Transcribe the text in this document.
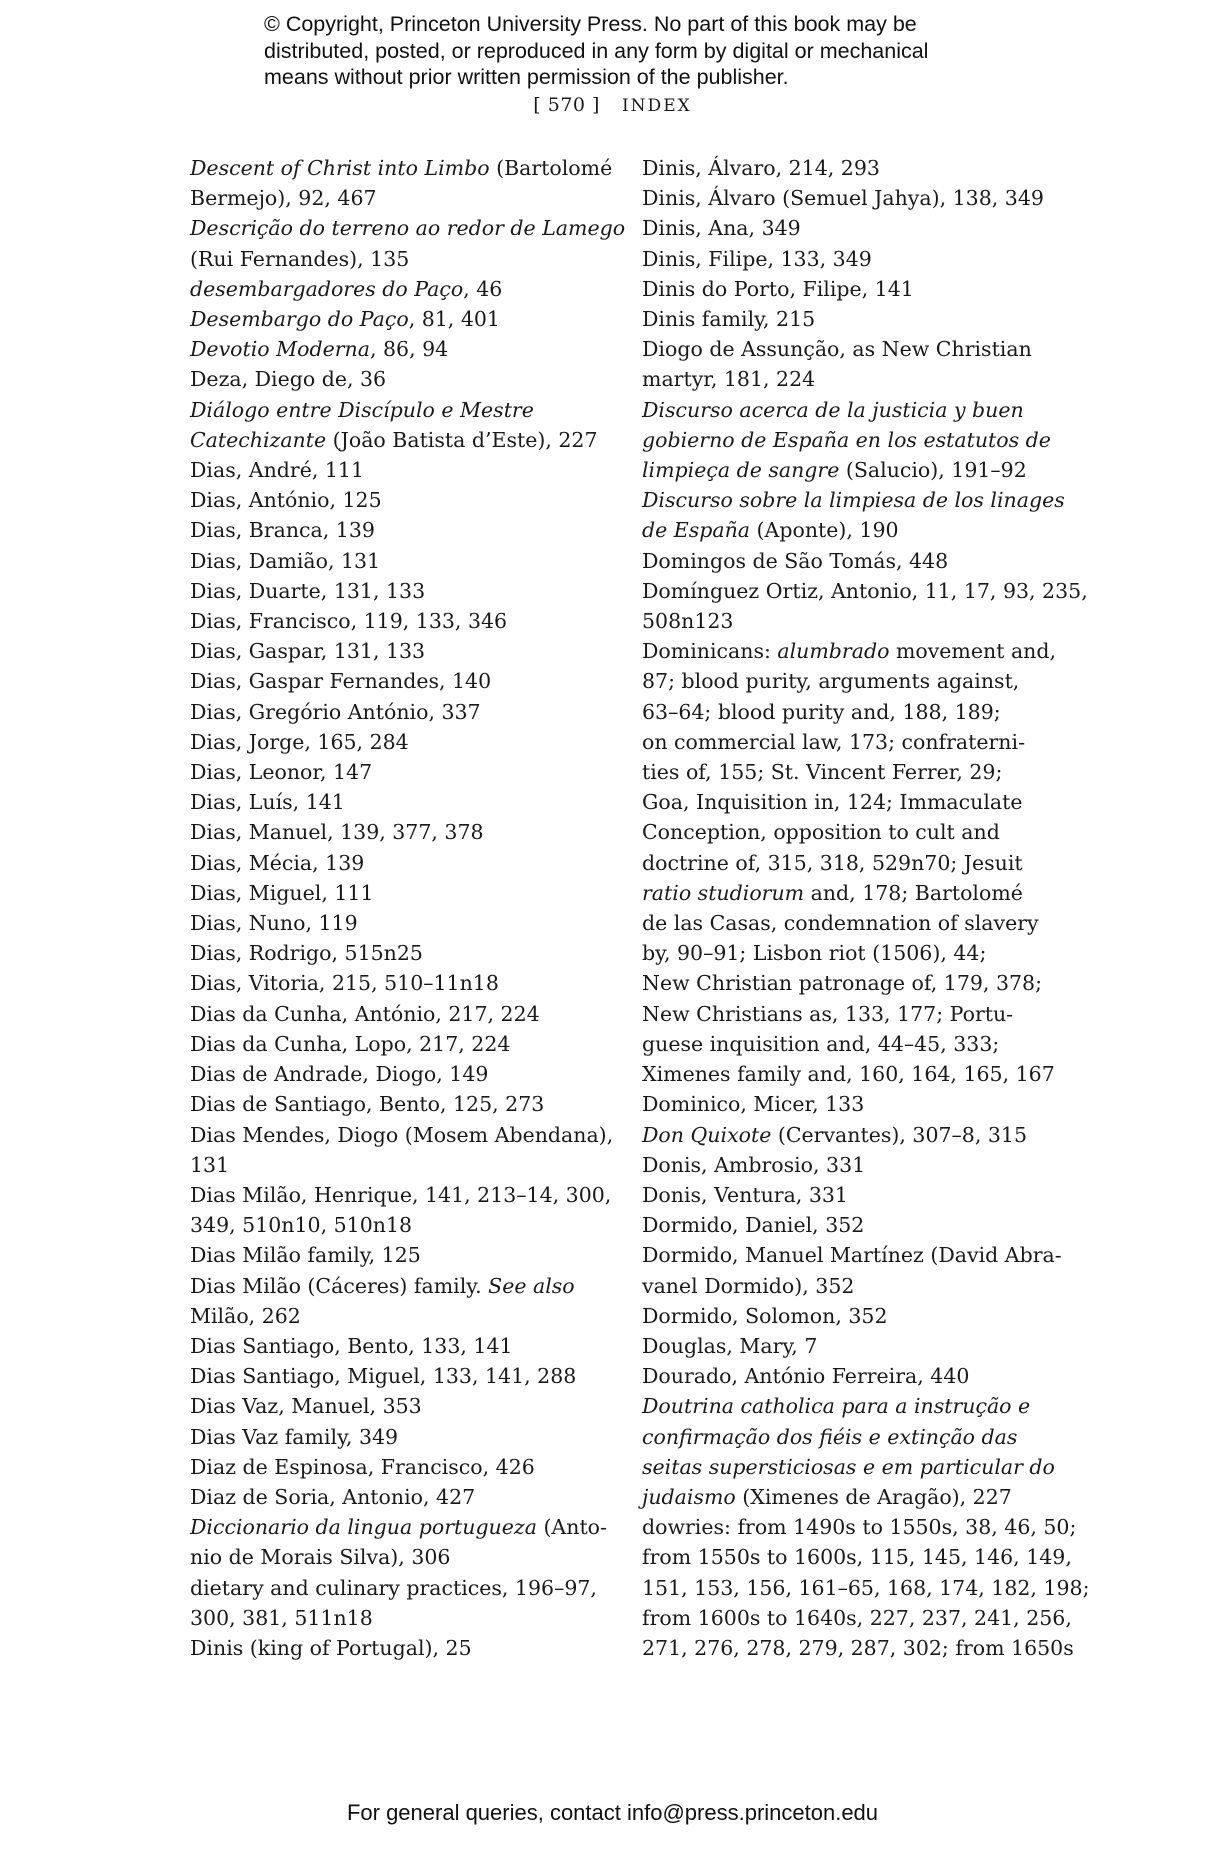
© Copyright, Princeton University Press. No part of this book may be
distributed, posted, or reproduced in any form by digital or mechanical
means without prior written permission of the publisher.
[ 570 ] INDEX
Descent of Christ into Limbo (Bartolomé
Bermejo), 92, 467
Descrição do terreno ao redor de Lamego
(Rui Fernandes), 135
desembargadores do Paço, 46
Desembargo do Paço, 81, 401
Devotio Moderna, 86, 94
Deza, Diego de, 36
Diálogo entre Discípulo e Mestre
Catechizante (João Batista d’Este), 227
Dias, André, 111
Dias, António, 125
Dias, Branca, 139
Dias, Damião, 131
Dias, Duarte, 131, 133
Dias, Francisco, 119, 133, 346
Dias, Gaspar, 131, 133
Dias, Gaspar Fernandes, 140
Dias, Gregório António, 337
Dias, Jorge, 165, 284
Dias, Leonor, 147
Dias, Luís, 141
Dias, Manuel, 139, 377, 378
Dias, Mécia, 139
Dias, Miguel, 111
Dias, Nuno, 119
Dias, Rodrigo, 515n25
Dias, Vitoria, 215, 510–11n18
Dias da Cunha, António, 217, 224
Dias da Cunha, Lopo, 217, 224
Dias de Andrade, Diogo, 149
Dias de Santiago, Bento, 125, 273
Dias Mendes, Diogo (Mosem Abendana),
131
Dias Milão, Henrique, 141, 213–14, 300,
349, 510n10, 510n18
Dias Milão family, 125
Dias Milão (Cáceres) family. See also
Milão, 262
Dias Santiago, Bento, 133, 141
Dias Santiago, Miguel, 133, 141, 288
Dias Vaz, Manuel, 353
Dias Vaz family, 349
Diaz de Espinosa, Francisco, 426
Diaz de Soria, Antonio, 427
Diccionario da lingua portugueza (Anto-
nio de Morais Silva), 306
dietary and culinary practices, 196–97,
300, 381, 511n18
Dinis (king of Portugal), 25
Dinis, Álvaro, 214, 293
Dinis, Álvaro (Semuel Jahya), 138, 349
Dinis, Ana, 349
Dinis, Filipe, 133, 349
Dinis do Porto, Filipe, 141
Dinis family, 215
Diogo de Assunção, as New Christian
martyr, 181, 224
Discurso acerca de la justicia y buen
gobierno de España en los estatutos de
limpieça de sangre (Salucio), 191–92
Discurso sobre la limpiesa de los linages
de España (Aponte), 190
Domingos de São Tomás, 448
Domínguez Ortiz, Antonio, 11, 17, 93, 235,
508n123
Dominicans: alumbrado movement and,
87; blood purity, arguments against,
63–64; blood purity and, 188, 189;
on commercial law, 173; confraterni-
ties of, 155; St. Vincent Ferrer, 29;
Goa, Inquisition in, 124; Immaculate
Conception, opposition to cult and
doctrine of, 315, 318, 529n70; Jesuit
ratio studiorum and, 178; Bartolomé
de las Casas, condemnation of slavery
by, 90–91; Lisbon riot (1506), 44;
New Christian patronage of, 179, 378;
New Christians as, 133, 177; Portu-
guese inquisition and, 44–45, 333;
Ximenes family and, 160, 164, 165, 167
Dominico, Micer, 133
Don Quixote (Cervantes), 307–8, 315
Donis, Ambrosio, 331
Donis, Ventura, 331
Dormido, Daniel, 352
Dormido, Manuel Martínez (David Abra-
vanel Dormido), 352
Dormido, Solomon, 352
Douglas, Mary, 7
Dourado, António Ferreira, 440
Doutrina catholica para a instrução e
confirmação dos fiéis e extinção das
seitas supersticiosas e em particular do
judaismo (Ximenes de Aragão), 227
dowries: from 1490s to 1550s, 38, 46, 50;
from 1550s to 1600s, 115, 145, 146, 149,
151, 153, 156, 161–65, 168, 174, 182, 198;
from 1600s to 1640s, 227, 237, 241, 256,
271, 276, 278, 279, 287, 302; from 1650s
For general queries, contact info@press.princeton.edu
